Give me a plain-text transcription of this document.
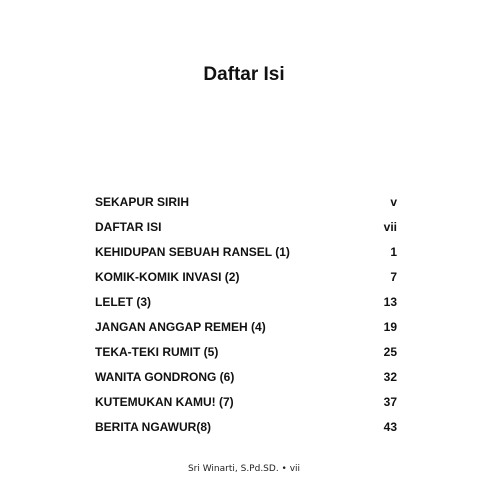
Daftar Isi
SEKAPUR SIRIH	v
DAFTAR ISI	vii
KEHIDUPAN SEBUAH RANSEL (1)	1
KOMIK-KOMIK INVASI (2)	7
LELET (3)	13
JANGAN ANGGAP REMEH (4)	19
TEKA-TEKI RUMIT (5)	25
WANITA GONDRONG (6)	32
KUTEMUKAN KAMU! (7)	37
BERITA NGAWUR(8)	43
Sri Winarti, S.Pd.SD. • vii
